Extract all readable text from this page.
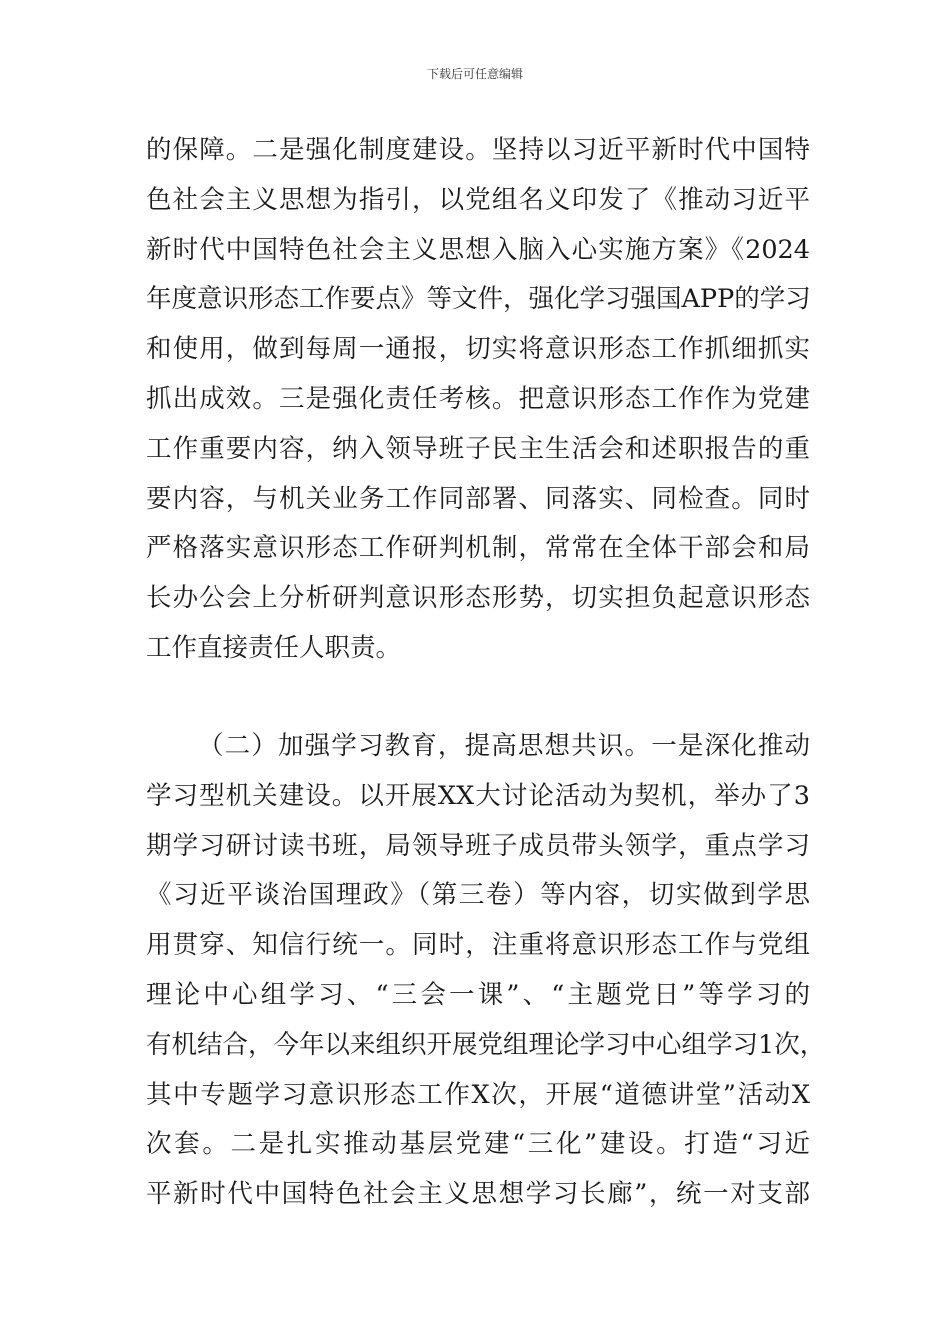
下载后可任意编辑
的保障。二是强化制度建设。坚持以习近平新时代中国特
色社会主义思想为指引，以党组名义印发了《推动习近平
新时代中国特色社会主义思想入脑入心实施方案》《2024
年度意识形态工作要点》等文件，强化学习强国APP的学习
和使用，做到每周一通报，切实将意识形态工作抓细抓实
抓出成效。三是强化责任考核。把意识形态工作作为党建
工作重要内容，纳入领导班子民主生活会和述职报告的重
要内容，与机关业务工作同部署、同落实、同检查。同时
严格落实意识形态工作研判机制，常常在全体干部会和局
长办公会上分析研判意识形态形势，切实担负起意识形态
工作直接责任人职责。
（二）加强学习教育，提高思想共识。一是深化推动
学习型机关建设。以开展XX大讨论活动为契机，举办了3
期学习研讨读书班，局领导班子成员带头领学，重点学习
《习近平谈治国理政》（第三卷）等内容，切实做到学思
用贯穿、知信行统一。同时，注重将意识形态工作与党组
理论中心组学习、“三会一课”、“主题党日”等学习的
有机结合，今年以来组织开展党组理论学习中心组学习1次，
其中专题学习意识形态工作X次，开展“道德讲堂”活动X
次套。二是扎实推动基层党建“三化”建设。打造“习近
平新时代中国特色社会主义思想学习长廊”，统一对支部
